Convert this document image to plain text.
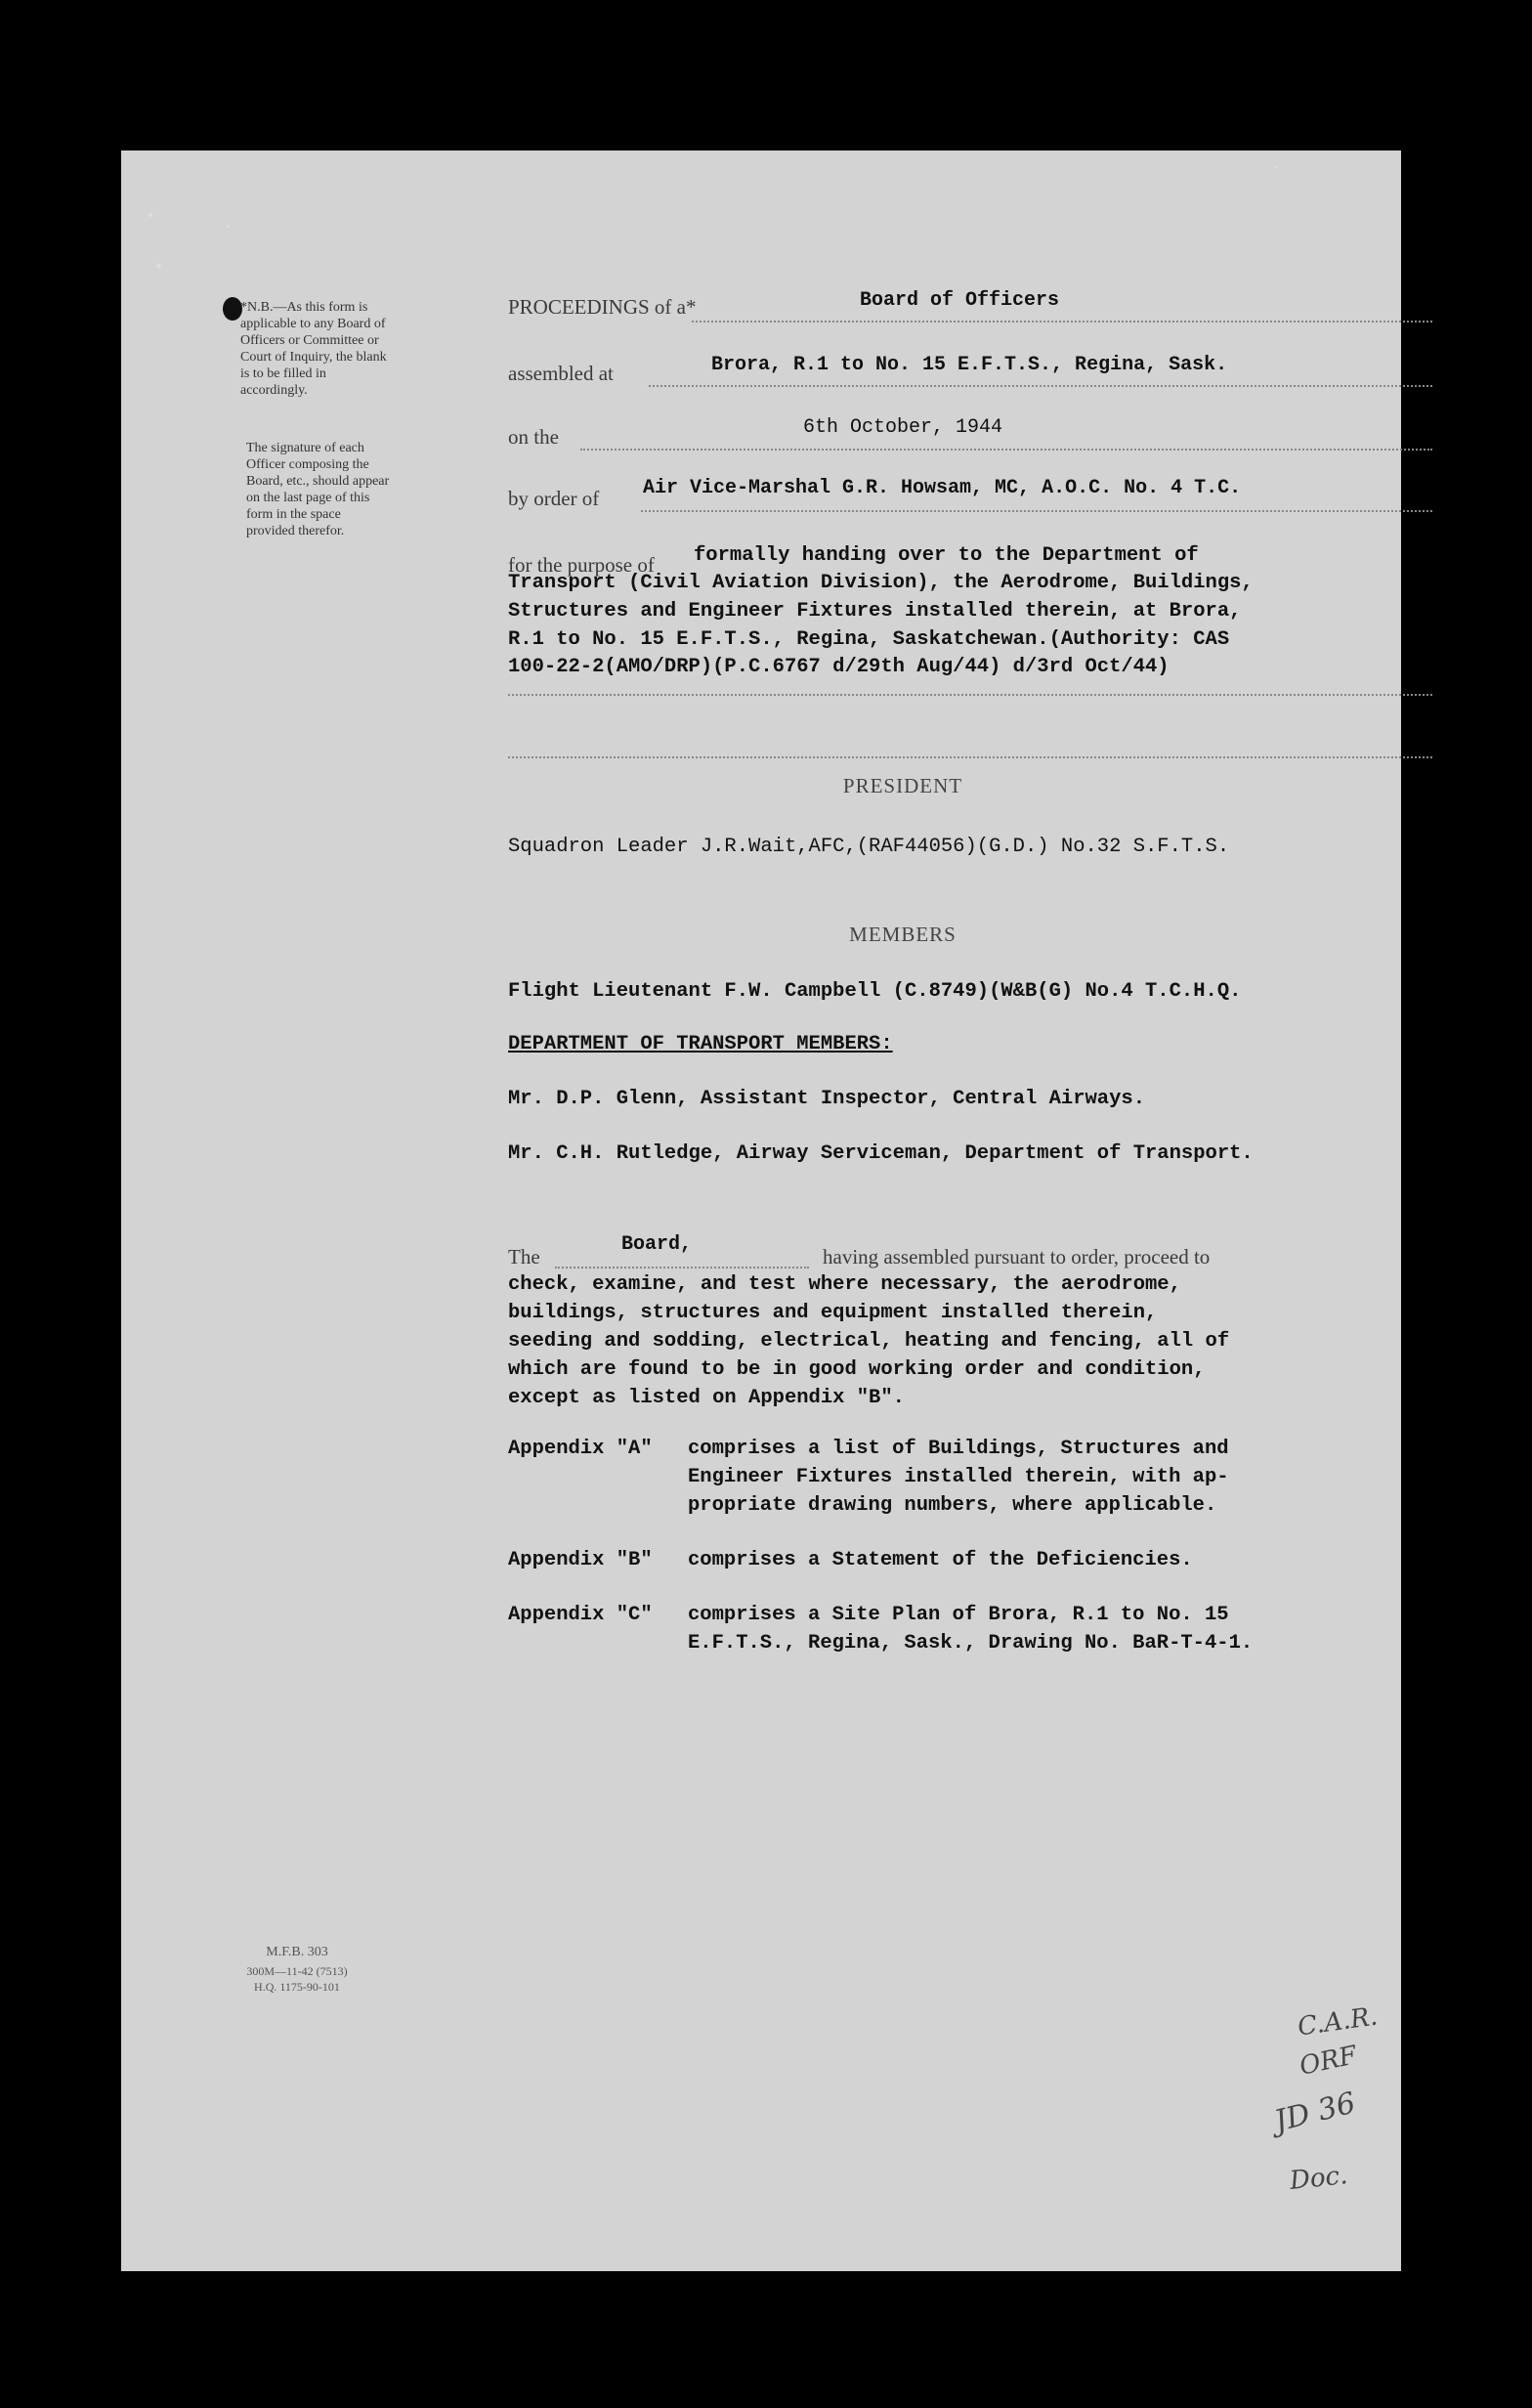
*N.B.—As this form is applicable to any Board of Officers or Committee or Court of Inquiry, the blank is to be filled in accordingly.
The signature of each Officer composing the Board, etc., should appear on the last page of this form in the space provided therefor.
PROCEEDINGS of a*	Board of Officers
assembled at	Brora, R.1 to No. 15 E.F.T.S., Regina, Sask.
on the	6th October, 1944
by order of Air Vice-Marshal G.R. Howsam, MC, A.O.C. No. 4 T.C.
for the purpose of formally handing over to the Department of
Transport (Civil Aviation Division), the Aerodrome, Buildings,
Structures and Engineer Fixtures installed therein, at Brora,
R.1 to No. 15 E.F.T.S., Regina, Saskatchewan.(Authority: CAS
100-22-2(AMO/DRP)(P.C.6767 d/29th Aug/44) d/3rd Oct/44)
PRESIDENT
Squadron Leader J.R.Wait,AFC,(RAF44056)(G.D.) No.32 S.F.T.S.
MEMBERS
Flight Lieutenant F.W. Campbell (C.8749)(W&B(G) No.4 T.C.H.Q.
DEPARTMENT OF TRANSPORT MEMBERS:
Mr. D.P. Glenn, Assistant Inspector, Central Airways.
Mr. C.H. Rutledge, Airway Serviceman, Department of Transport.
The
Board,
having assembled pursuant to order, proceed to
check, examine, and test where necessary, the aerodrome,
buildings, structures and equipment installed therein,
seeding and sodding, electrical, heating and fencing, all of
which are found to be in good working order and condition,
except as listed on Appendix "B".
Appendix "A" comprises a list of Buildings, Structures and
Engineer Fixtures installed therein, with ap-
propriate drawing numbers, where applicable.
Appendix "B" comprises a Statement of the Deficiencies.
Appendix "C" comprises a Site Plan of Brora, R.1 to No. 15
E.F.T.S., Regina, Sask., Drawing No. BaR-T-4-1.
M.F.B. 303
300M—11-42 (7513)
H.Q. 1175-90-101
C.A.R.
ORF
JD 36
Doc.
